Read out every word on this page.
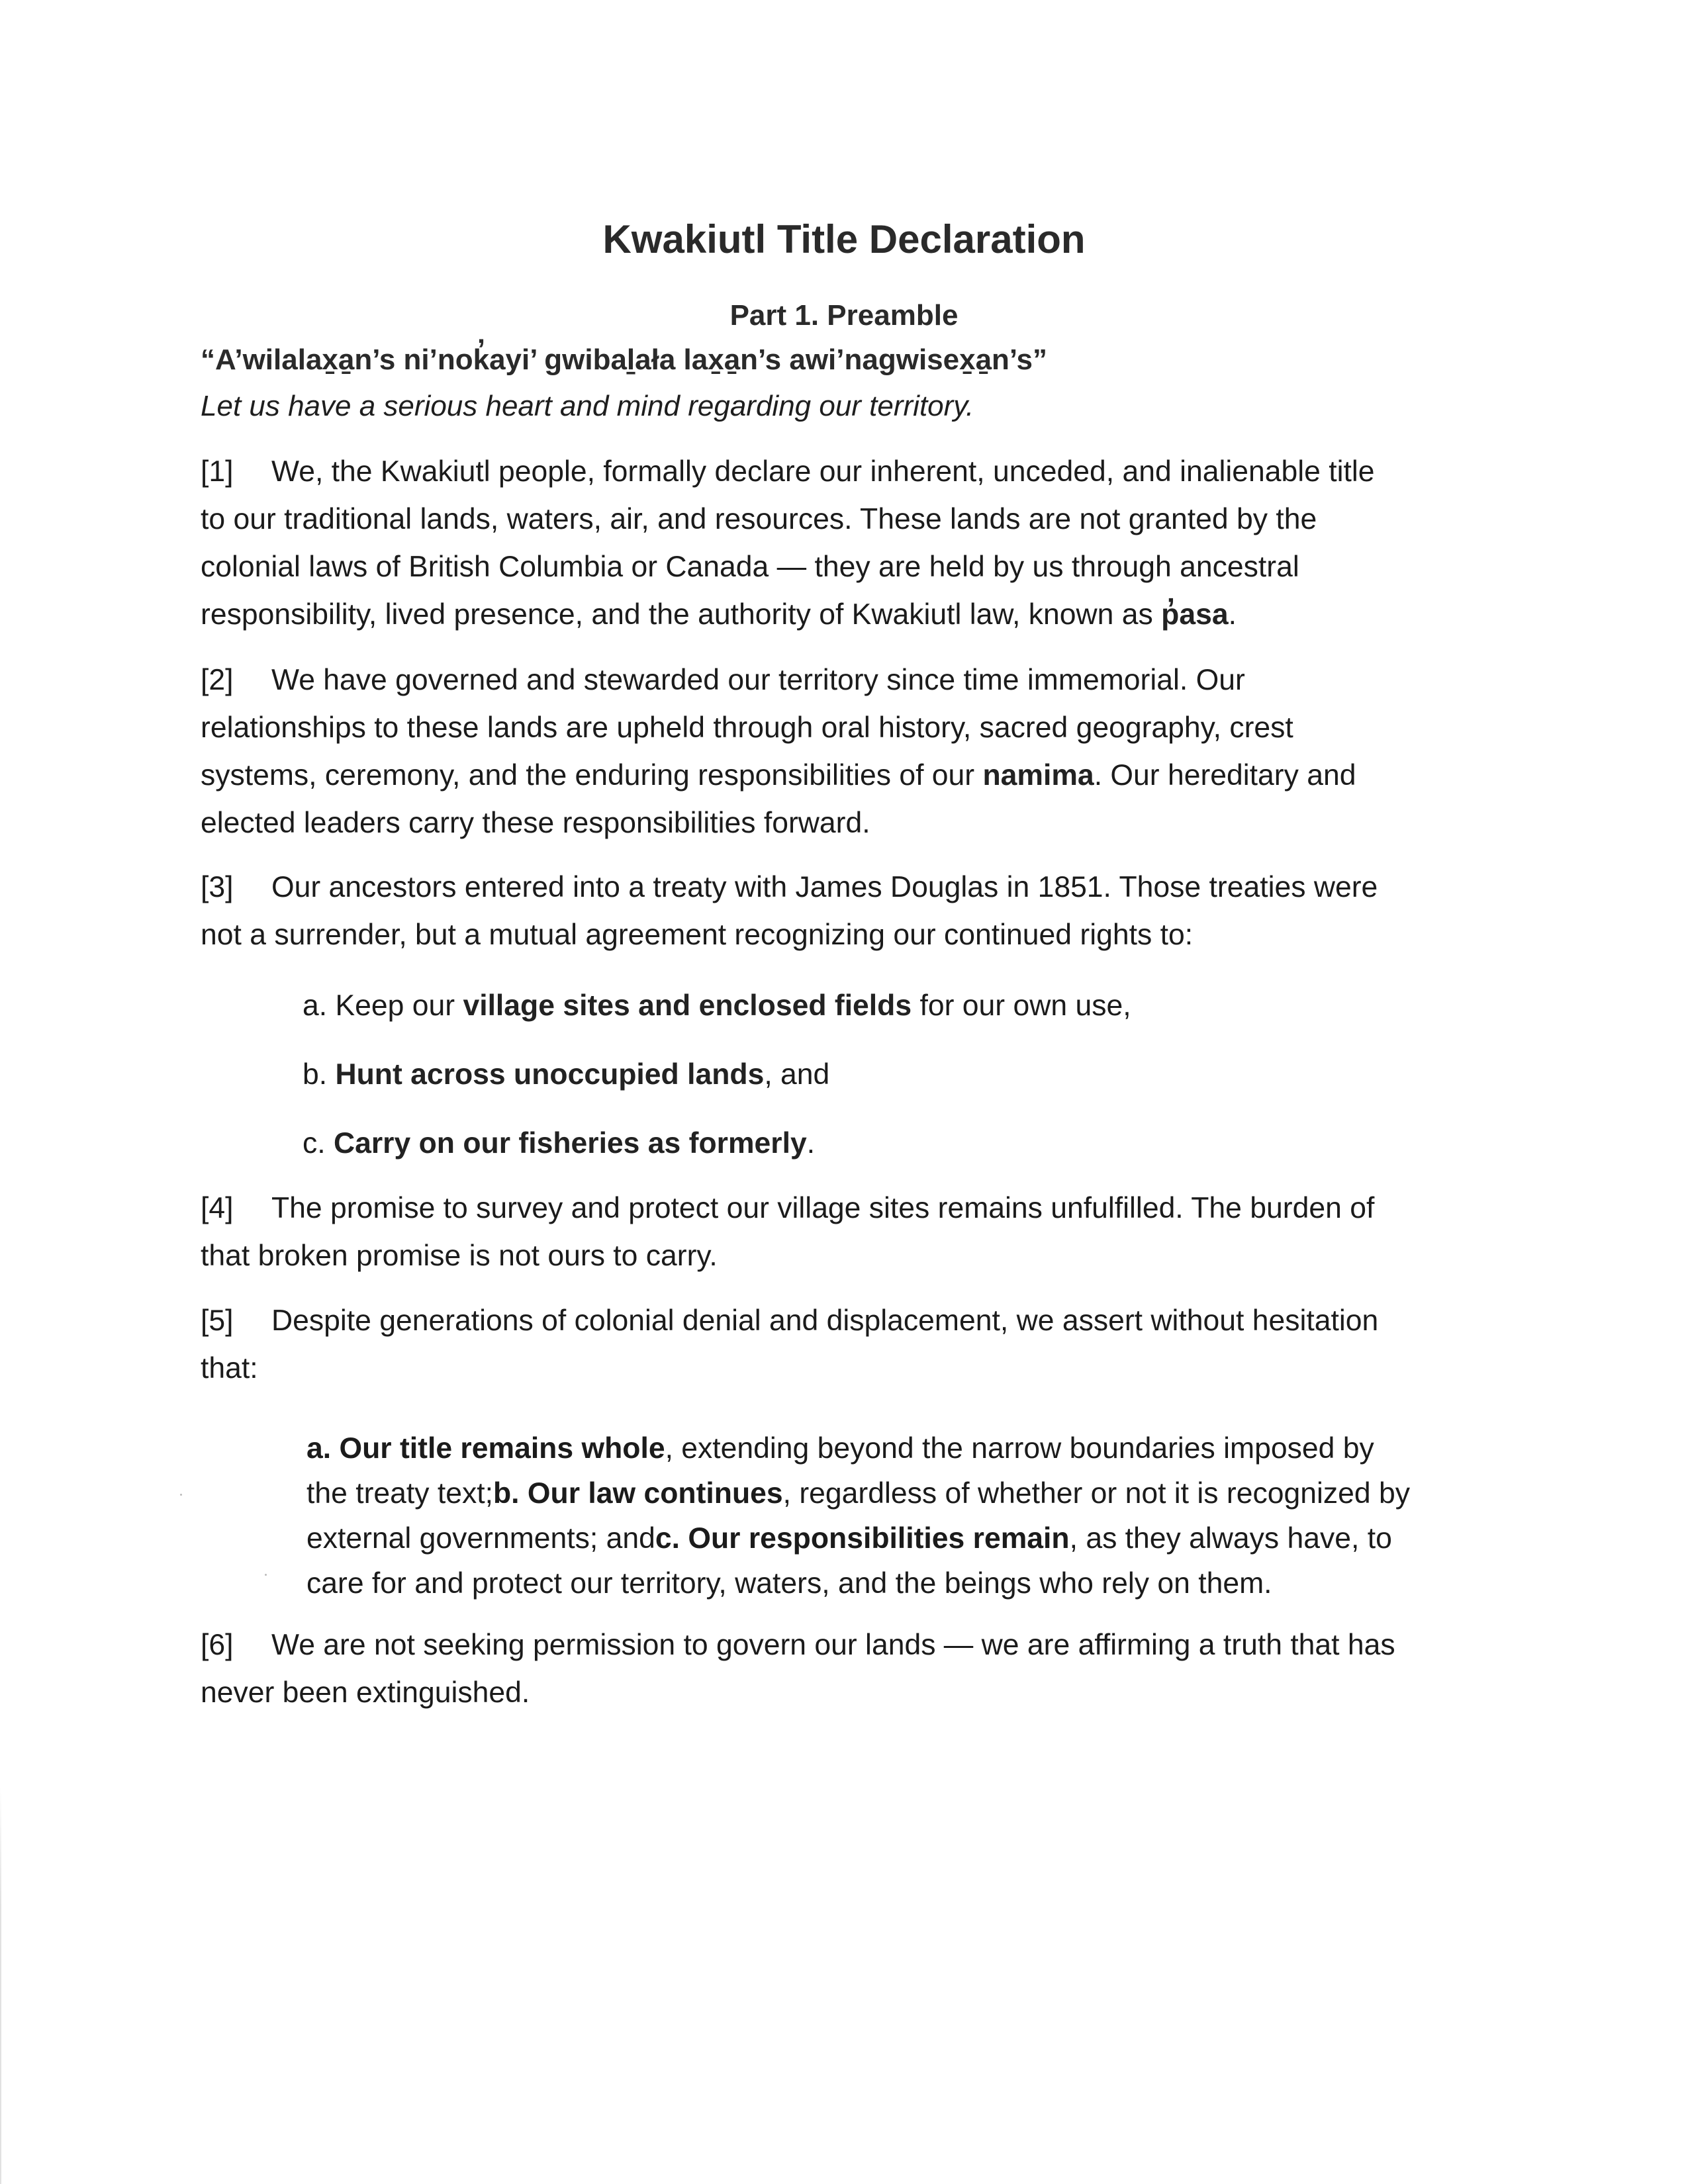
Kwakiutl Title Declaration
Part 1. Preamble
“A’wilalax̱a̱n’s ni’nok̓ayi’ gwibaḻała lax̱a̱n’s awi’nagwisex̱a̱n’s”
Let us have a serious heart and mind regarding our territory.
[1] We, the Kwakiutl people, formally declare our inherent, unceded, and inalienable title
to our traditional lands, waters, air, and resources. These lands are not granted by the
colonial laws of British Columbia or Canada — they are held by us through ancestral
responsibility, lived presence, and the authority of Kwakiutl law, known as p̓asa.
[2] We have governed and stewarded our territory since time immemorial. Our
relationships to these lands are upheld through oral history, sacred geography, crest
systems, ceremony, and the enduring responsibilities of our namima. Our hereditary and
elected leaders carry these responsibilities forward.
[3] Our ancestors entered into a treaty with James Douglas in 1851. Those treaties were
not a surrender, but a mutual agreement recognizing our continued rights to:
a. Keep our village sites and enclosed fields for our own use,
b. Hunt across unoccupied lands, and
c. Carry on our fisheries as formerly.
[4] The promise to survey and protect our village sites remains unfulfilled. The burden of
that broken promise is not ours to carry.
[5] Despite generations of colonial denial and displacement, we assert without hesitation
that:
a. Our title remains whole, extending beyond the narrow boundaries imposed by
the treaty text;b. Our law continues, regardless of whether or not it is recognized by
external governments; andc. Our responsibilities remain, as they always have, to
care for and protect our territory, waters, and the beings who rely on them.
[6] We are not seeking permission to govern our lands — we are affirming a truth that has
never been extinguished.
